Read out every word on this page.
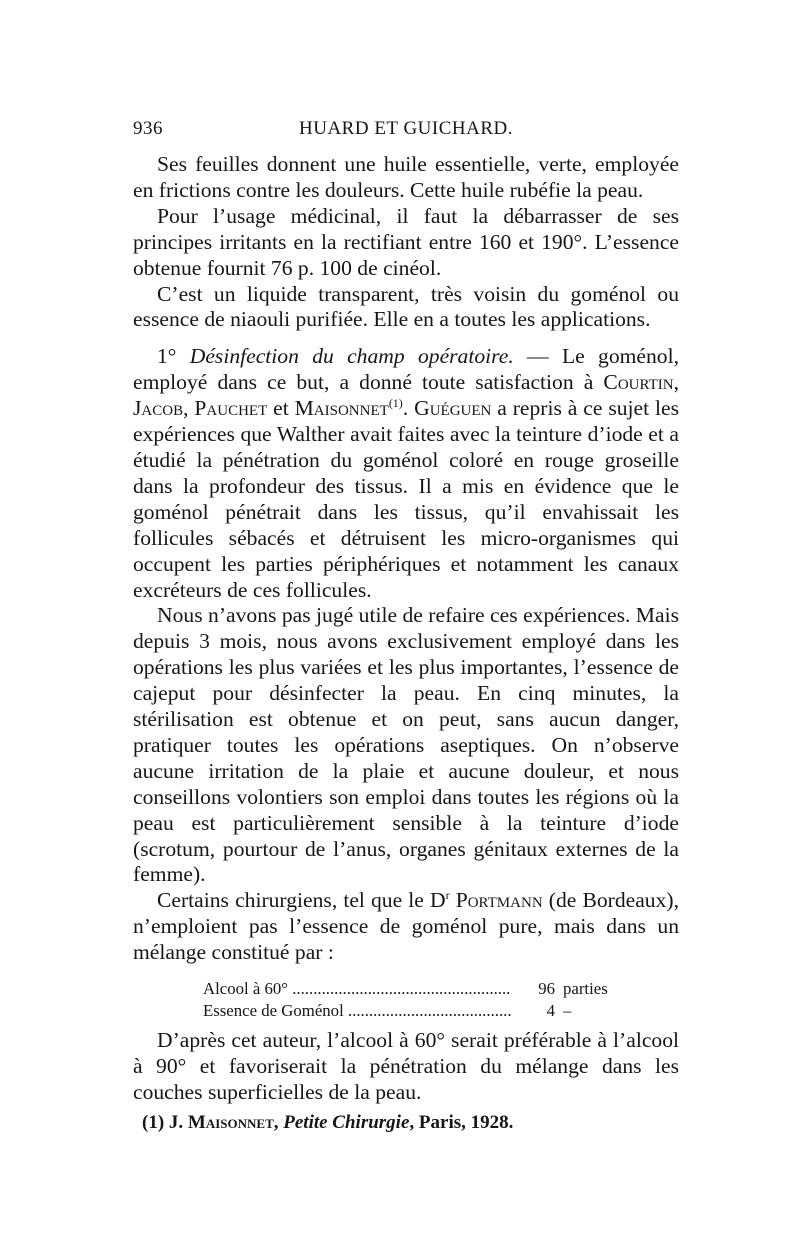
936	HUARD ET GUICHARD.

Ses feuilles donnent une huile essentielle, verte, employée en frictions contre les douleurs. Cette huile rubéfie la peau.

Pour l’usage médicinal, il faut la débarrasser de ses principes irritants en la rectifiant entre 160 et 190°. L’essence obtenue fournit 76 p. 100 de cinéol.

C’est un liquide transparent, très voisin du goménol ou essence de niaouli purifiée. Elle en a toutes les applications.

1° Désinfection du champ opératoire. — Le goménol, employé dans ce but, a donné toute satisfaction à Courtin, Jacob, Pauchet et Maisonnet$^{(1)}$. Guéguen a repris à ce sujet les expériences que Walther avait faites avec la teinture d’iode et a étudié la pénétration du goménol coloré en rouge groseille dans la profondeur des tissus. Il a mis en évidence que le goménol pénétrait dans les tissus, qu’il envahissait les follicules sébacés et détruisent les micro-organismes qui occupent les parties périphériques et notamment les canaux excréteurs de ces follicules.

Nous n’avons pas jugé utile de refaire ces expériences. Mais depuis 3 mois, nous avons exclusivement employé dans les opérations les plus variées et les plus importantes, l’essence de cajeput pour désinfecter la peau. En cinq minutes, la stérilisation est obtenue et on peut, sans aucun danger, pratiquer toutes les opérations aseptiques. On n’observe aucune irritation de la plaie et aucune douleur, et nous conseillons volontiers son emploi dans toutes les régions où la peau est particulièrement sensible à la teinture d’iode (scrotum, pourtour de l’anus, organes génitaux externes de la femme).

Certains chirurgiens, tel que le $D^r$ Portmann (de Bordeaux), n’emploient pas l’essence de goménol pure, mais dans un mélange constitué par :

Alcool à 60° .....	96 parties
Essence de Goménol .....	4 –

D’après cet auteur, l’alcool à 60° serait préférable à l’alcool à 90° et favoriserait la pénétration du mélange dans les couches superficielles de la peau.

(1) J. Maisonnet, Petite Chirurgie, Paris, 1928.
